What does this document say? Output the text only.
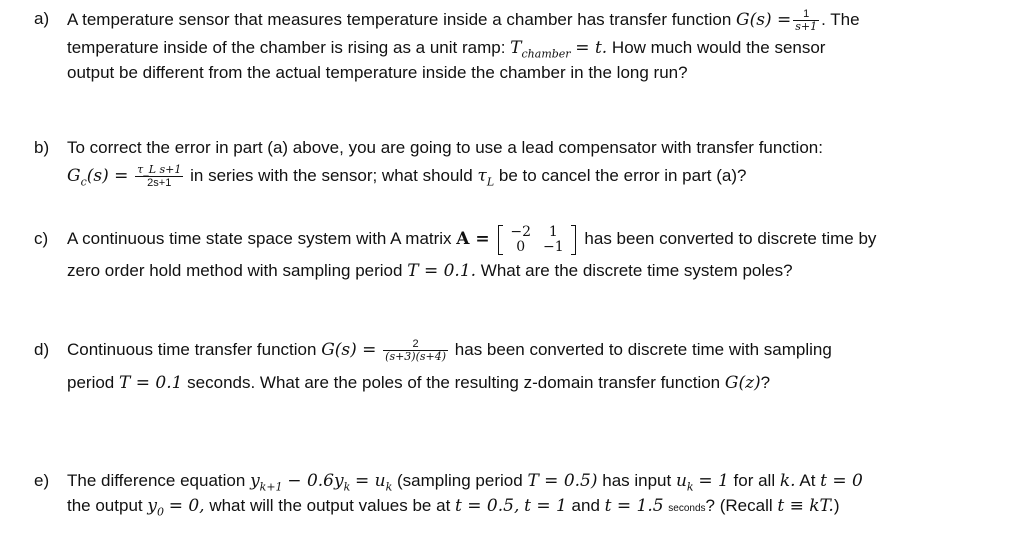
a) A temperature sensor that measures temperature inside a chamber has transfer function $G(s) = \frac{1}{s+1}$ . The
temperature inside of the chamber is rising as a unit ramp: $T_{chamber} = t$. How much would the sensor
output be different from the actual temperature inside the chamber in the long run?
b) To correct the error in part (a) above, you are going to use a lead compensator with transfer function:
$G_c(s) = \frac{\text{τ\_L s+1}}{2s+1}$ in series with the sensor; what should $\tau_L$ be to cancel the error in part (a)?
c) A continuous time state space system with A matrix A = −2	1
0	−1 has been converted to discrete time by
zero order hold method with sampling period T = 0.1. What are the discrete time system poles?
d) Continuous time transfer function $G(s) = \frac{2}{(s+3)(s+4)}$ has been converted to discrete time with sampling
period T = 0.1 seconds. What are the poles of the resulting z-domain transfer function G(z)?
e) The difference equation $y_{k+1} - 0.6y_k = u_k$ (sampling period T = 0.5) has input $u_k = 1$ for all k. At t = 0
the output $y_0 = 0$, what will the output values be at t = 0.5, t = 1 and t = 1.5 seconds? (Recall t ≡ kT.)
